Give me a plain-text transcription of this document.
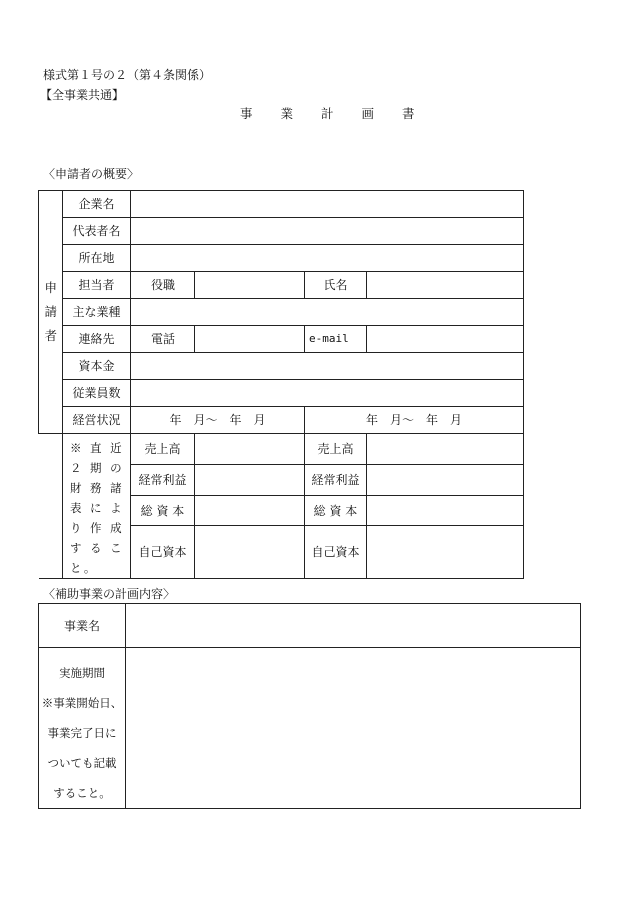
様式第１号の２（第４条関係）
【全事業共通】
事業計画書
〈申請者の概要〉
申請者	企業名				
	代表者名				
	所在地				
	担当者	役職		氏名	
	主な業種				
	連絡先	電話		e-mail	
	資本金				
	従業員数				
	経営状況	年　月～　年　月		年　月～　年　月	
	※直近２期の財務諸表により作成すること。	売上高		売上高	
		経常利益		経常利益	
		総 資 本		総 資 本	
		自己資本		自己資本	
〈補助事業の計画内容〉
事業名	

実施期間
※事業開始日、
事業完了日に
ついても記載
すること。	
